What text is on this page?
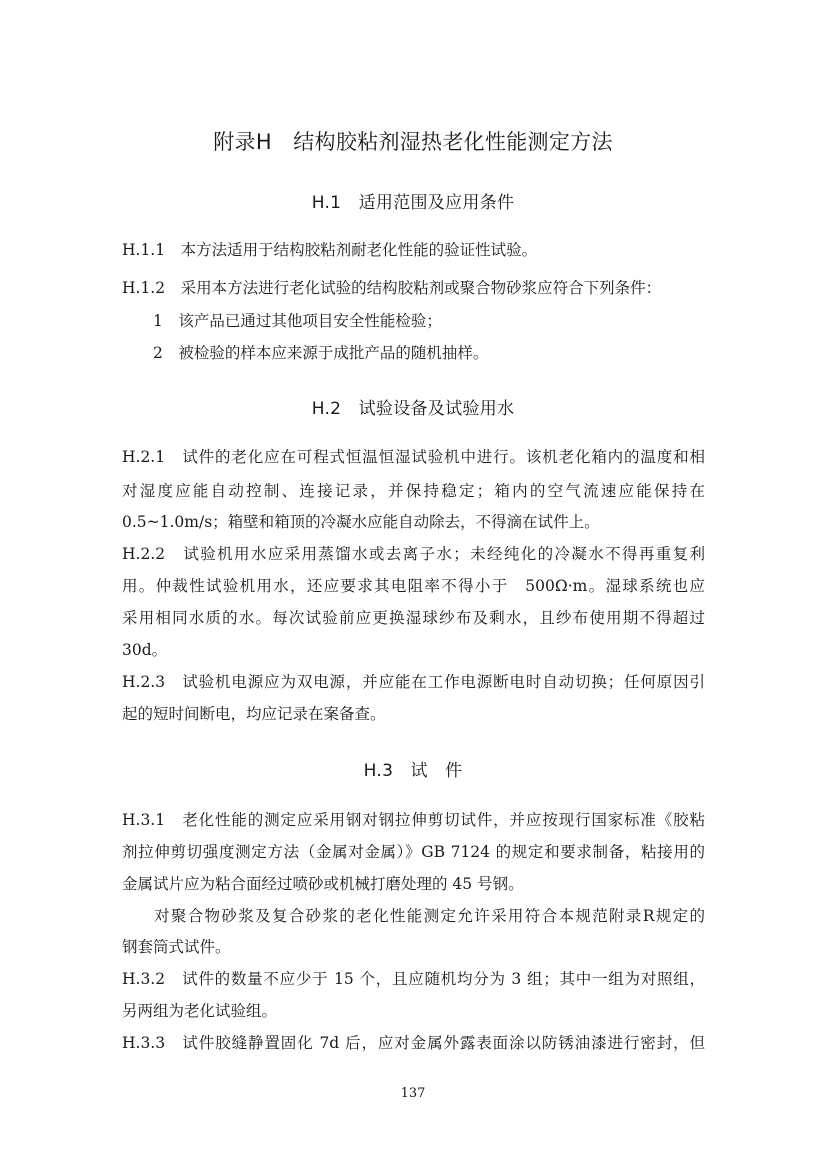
附录H　结构胶粘剂湿热老化性能测定方法
H.1　适用范围及应用条件
H.1.1　本方法适用于结构胶粘剂耐老化性能的验证性试验。
H.1.2　采用本方法进行老化试验的结构胶粘剂或聚合物砂浆应符合下列条件：
1　该产品已通过其他项目安全性能检验；
2　被检验的样本应来源于成批产品的随机抽样。
H.2　试验设备及试验用水
H.2.1　试件的老化应在可程式恒温恒湿试验机中进行。该机老化箱内的温度和相
对湿度应能自动控制、连接记录，并保持稳定；箱内的空气流速应能保持在
0.5~1.0m/s；箱壁和箱顶的冷凝水应能自动除去，不得滴在试件上。
H.2.2　试验机用水应采用蒸馏水或去离子水；未经纯化的冷凝水不得再重复利
用。仲裁性试验机用水，还应要求其电阻率不得小于　500Ω·m。湿球系统也应
采用相同水质的水。每次试验前应更换湿球纱布及剩水，且纱布使用期不得超过
30d。
H.2.3　试验机电源应为双电源，并应能在工作电源断电时自动切换；任何原因引
起的短时间断电，均应记录在案备查。
H.3　试　件
H.3.1　老化性能的测定应采用钢对钢拉伸剪切试件，并应按现行国家标准《胶粘
剂拉伸剪切强度测定方法（金属对金属）》GB 7124 的规定和要求制备，粘接用的
金属试片应为粘合面经过喷砂或机械打磨处理的 45 号钢。
对聚合物砂浆及复合砂浆的老化性能测定允许采用符合本规范附录R规定的
钢套筒式试件。
H.3.2　试件的数量不应少于 15 个，且应随机均分为 3 组；其中一组为对照组，
另两组为老化试验组。
H.3.3　试件胶缝静置固化 7d 后，应对金属外露表面涂以防锈油漆进行密封，但
137
